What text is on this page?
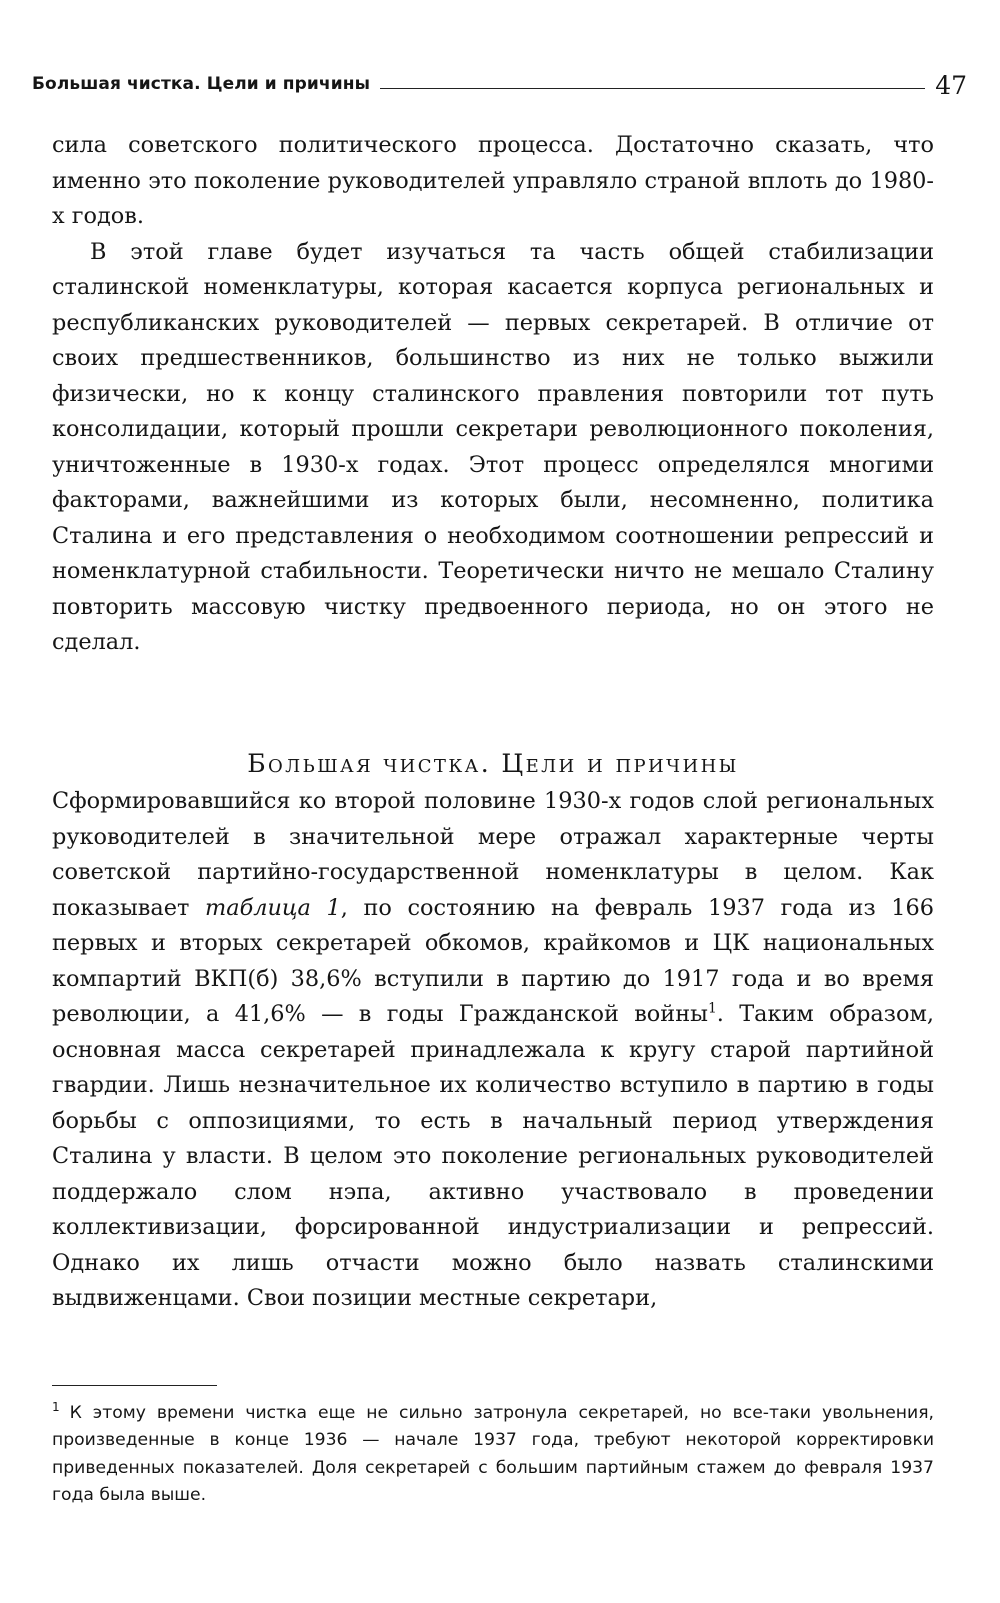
Большая чистка. Цели и причины	47

сила советского политического процесса. Достаточно сказать, что именно это поколение руководителей управляло страной вплоть до 1980-х годов.

В этой главе будет изучаться та часть общей стабилизации сталинской номенклатуры, которая касается корпуса региональных и республиканских руководителей — первых секретарей. В отличие от своих предшественников, большинство из них не только выжили физически, но к концу сталинского правления повторили тот путь консолидации, который прошли секретари революционного поколения, уничтоженные в 1930-х годах. Этот процесс определялся многими факторами, важнейшими из которых были, несомненно, политика Сталина и его представления о необходимом соотношении репрессий и номенклатурной стабильности. Теоретически ничто не мешало Сталину повторить массовую чистку предвоенного периода, но он этого не сделал.

Большая чистка. Цели и причины

Сформировавшийся ко второй половине 1930-х годов слой региональных руководителей в значительной мере отражал характерные черты советской партийно-государственной номенклатуры в целом. Как показывает таблица 1, по состоянию на февраль 1937 года из 166 первых и вторых секретарей обкомов, крайкомов и ЦК национальных компартий ВКП(б) 38,6% вступили в партию до 1917 года и во время революции, а 41,6% — в годы Гражданской войны$^1$. Таким образом, основная масса секретарей принадлежала к кругу старой партийной гвардии. Лишь незначительное их количество вступило в партию в годы борьбы с оппозициями, то есть в начальный период утверждения Сталина у власти. В целом это поколение региональных руководителей поддержало слом нэпа, активно участвовало в проведении коллективизации, форсированной индустриализации и репрессий. Однако их лишь отчасти можно было назвать сталинскими выдвиженцами. Свои позиции местные секретари,

$^1$ К этому времени чистка еще не сильно затронула секретарей, но все-таки увольнения, произведенные в конце 1936 — начале 1937 года, требуют некоторой корректировки приведенных показателей. Доля секретарей с большим партийным стажем до февраля 1937 года была выше.
